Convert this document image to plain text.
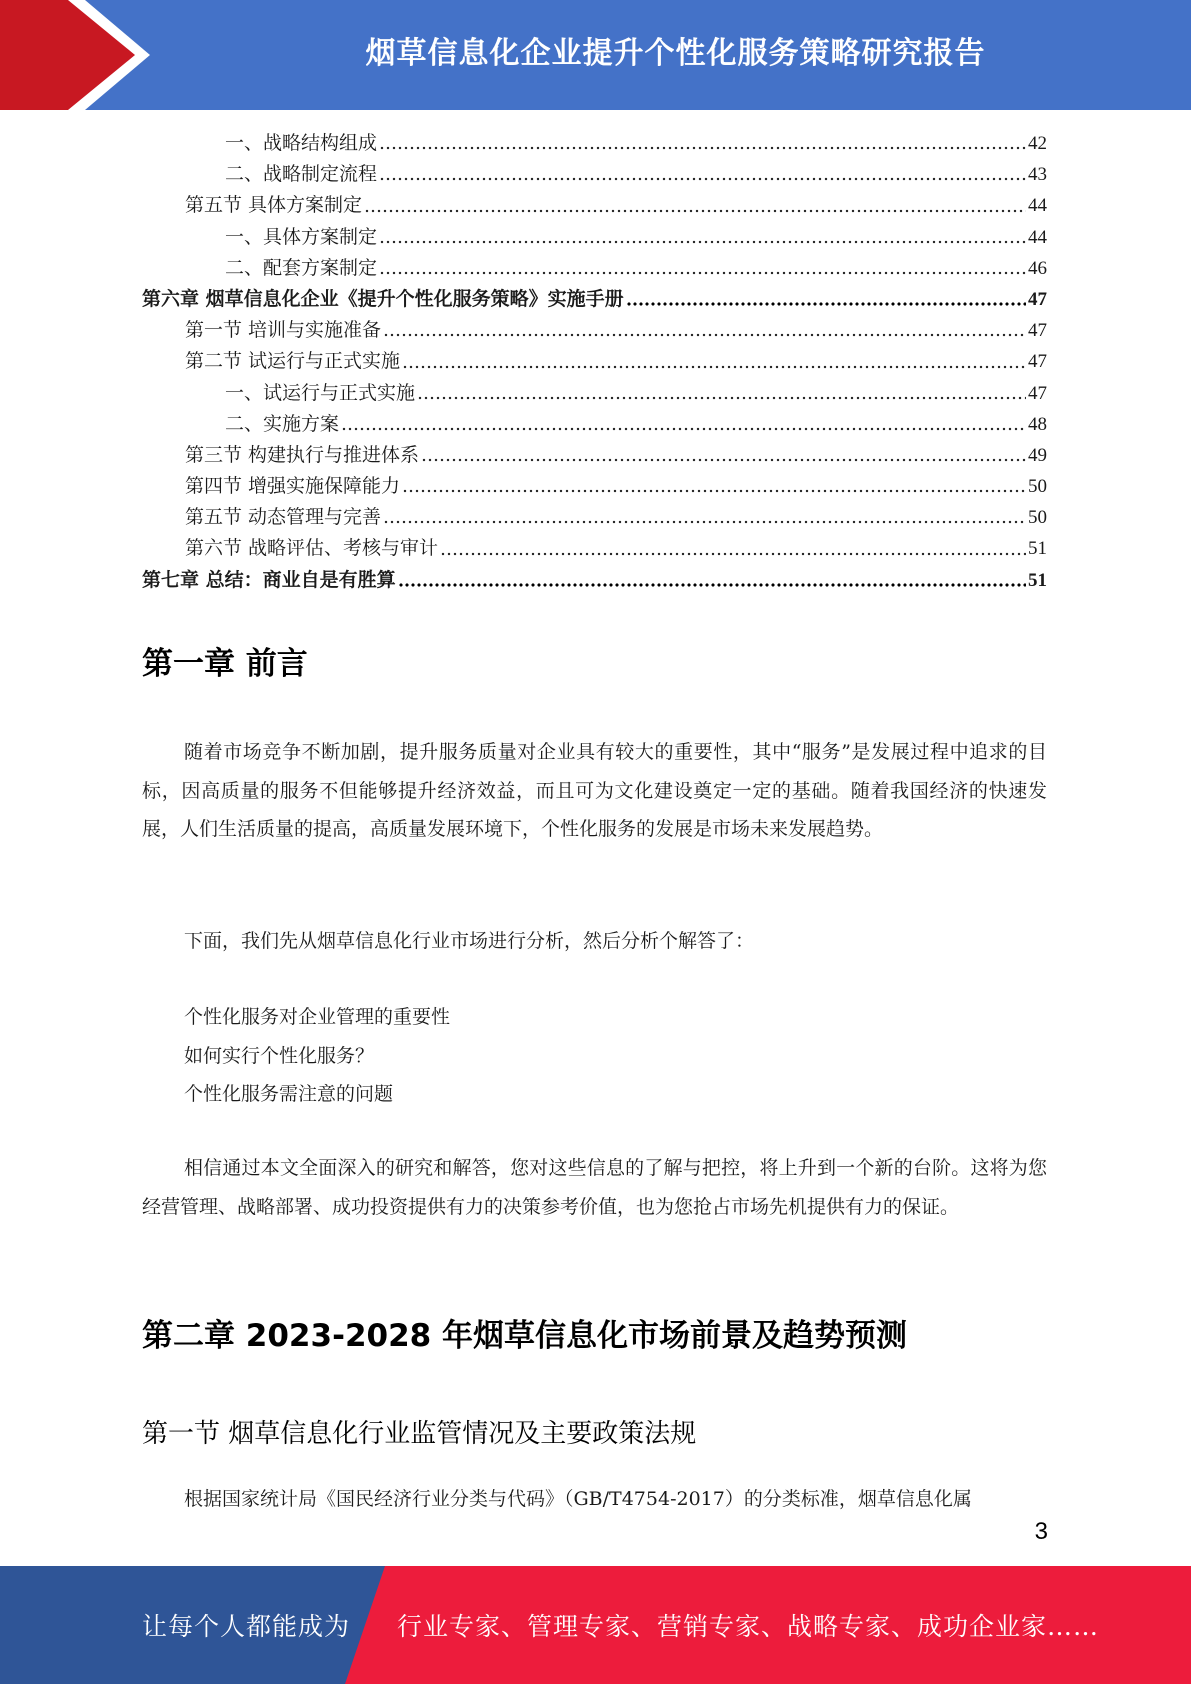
烟草信息化企业提升个性化服务策略研究报告
一、战略结构组成	42
二、战略制定流程	43
第五节 具体方案制定	44
一、具体方案制定	44
二、配套方案制定	46
第六章 烟草信息化企业《提升个性化服务策略》实施手册	47
第一节 培训与实施准备	47
第二节 试运行与正式实施	47
一、试运行与正式实施	47
二、实施方案	48
第三节 构建执行与推进体系	49
第四节 增强实施保障能力	50
第五节 动态管理与完善	50
第六节 战略评估、考核与审计	51
第七章 总结：商业自是有胜算	51
第一章 前言

随着市场竞争不断加剧，提升服务质量对企业具有较大的重要性，其中“服务”是发展过程中追求的目标，因高质量的服务不但能够提升经济效益，而且可为文化建设奠定一定的基础。随着我国经济的快速发展，人们生活质量的提高，高质量发展环境下，个性化服务的发展是市场未来发展趋势。

下面，我们先从烟草信息化行业市场进行分析，然后分析个解答了：

个性化服务对企业管理的重要性
如何实行个性化服务？
个性化服务需注意的问题

相信通过本文全面深入的研究和解答，您对这些信息的了解与把控，将上升到一个新的台阶。这将为您经营管理、战略部署、成功投资提供有力的决策参考价值，也为您抢占市场先机提供有力的保证。

第二章 2023-2028 年烟草信息化市场前景及趋势预测
第一节 烟草信息化行业监管情况及主要政策法规

根据国家统计局《国民经济行业分类与代码》（GB/T4754-2017）的分类标准，烟草信息化属

3
让每个人都能成为 行业专家、管理专家、营销专家、战略专家、成功企业家……
